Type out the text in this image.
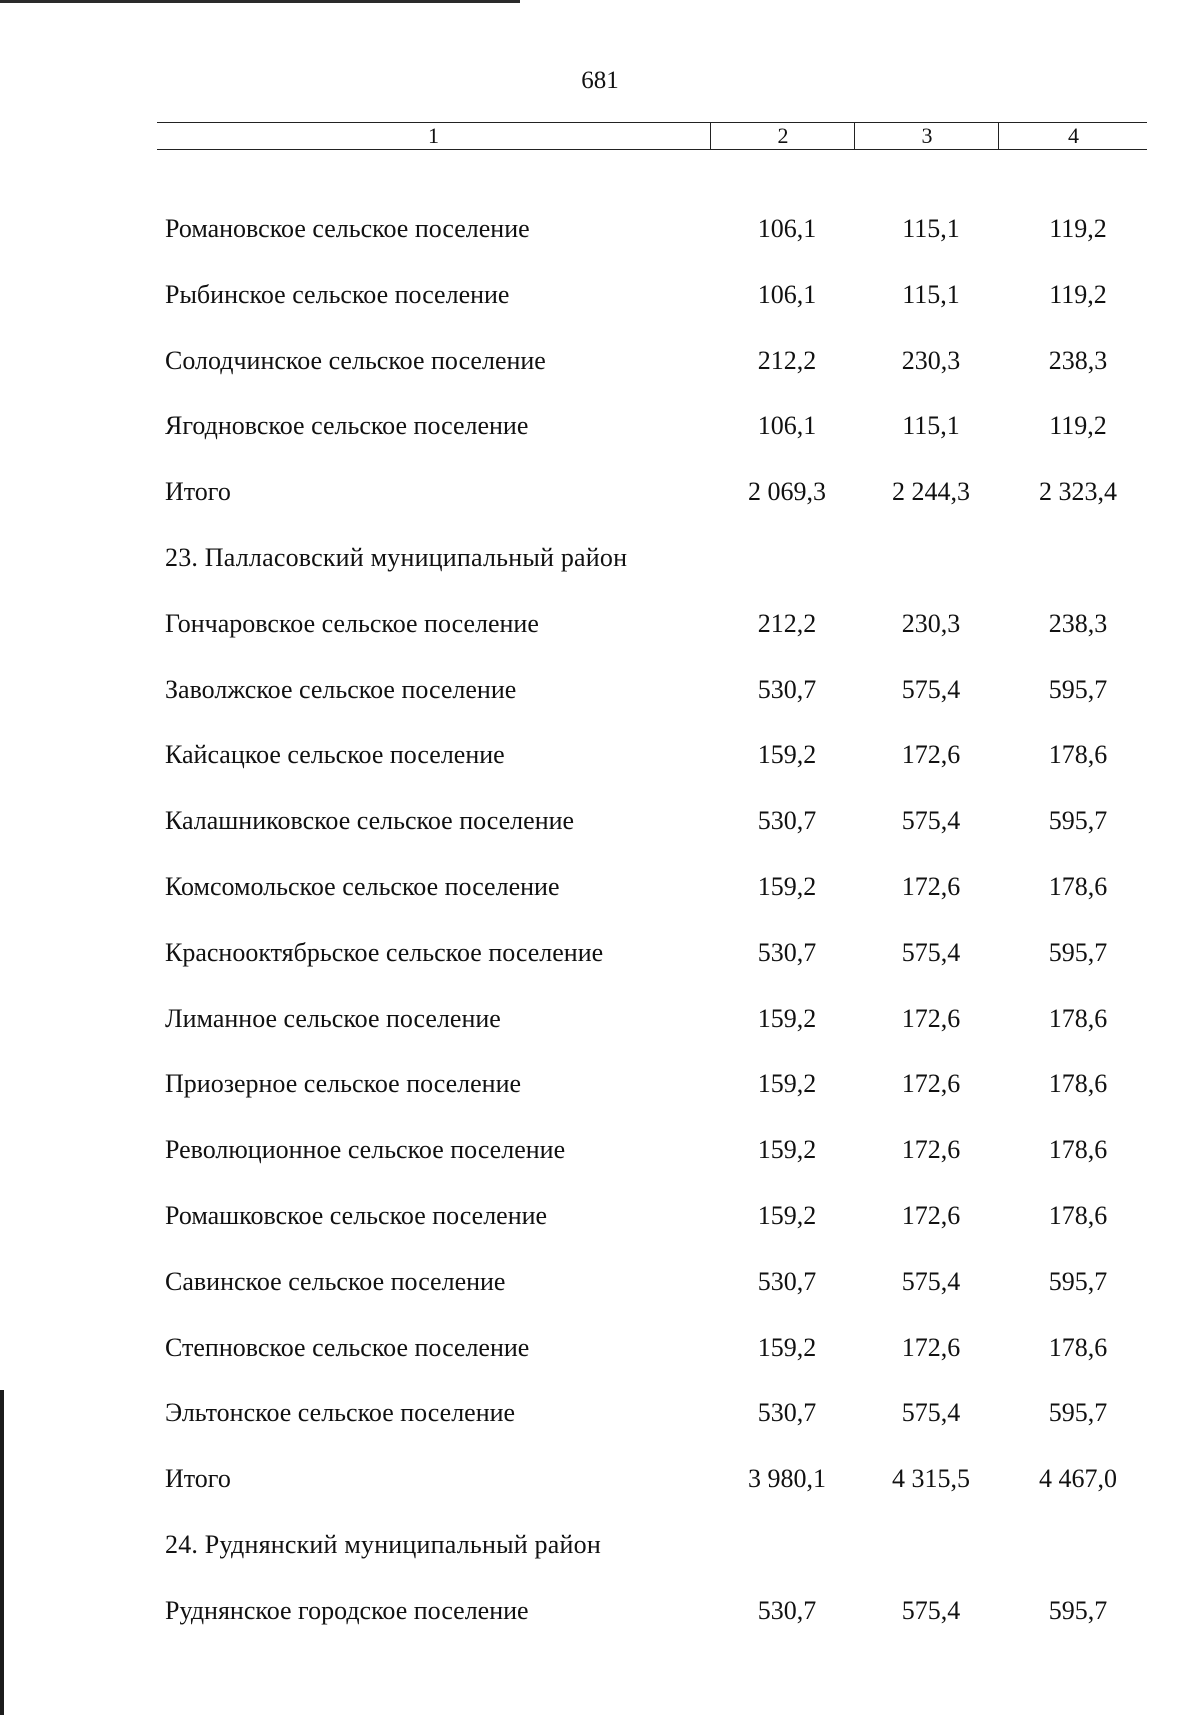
681
1	2	3	4
Романовское сельское поселение	106,1	115,1	119,2
Рыбинское сельское поселение	106,1	115,1	119,2
Солодчинское сельское поселение	212,2	230,3	238,3
Ягодновское сельское поселение	106,1	115,1	119,2
Итого	2 069,3	2 244,3	2 323,4
23. Палласовский муниципальный район
Гончаровское сельское поселение	212,2	230,3	238,3
Заволжское сельское поселение	530,7	575,4	595,7
Кайсацкое сельское поселение	159,2	172,6	178,6
Калашниковское сельское поселение	530,7	575,4	595,7
Комсомольское сельское поселение	159,2	172,6	178,6
Краснооктябрьское сельское поселение	530,7	575,4	595,7
Лиманное сельское поселение	159,2	172,6	178,6
Приозерное сельское поселение	159,2	172,6	178,6
Революционное сельское поселение	159,2	172,6	178,6
Ромашковское сельское поселение	159,2	172,6	178,6
Савинское сельское поселение	530,7	575,4	595,7
Степновское сельское поселение	159,2	172,6	178,6
Эльтонское сельское поселение	530,7	575,4	595,7
Итого	3 980,1	4 315,5	4 467,0
24. Руднянский муниципальный район
Руднянское городское поселение	530,7	575,4	595,7
